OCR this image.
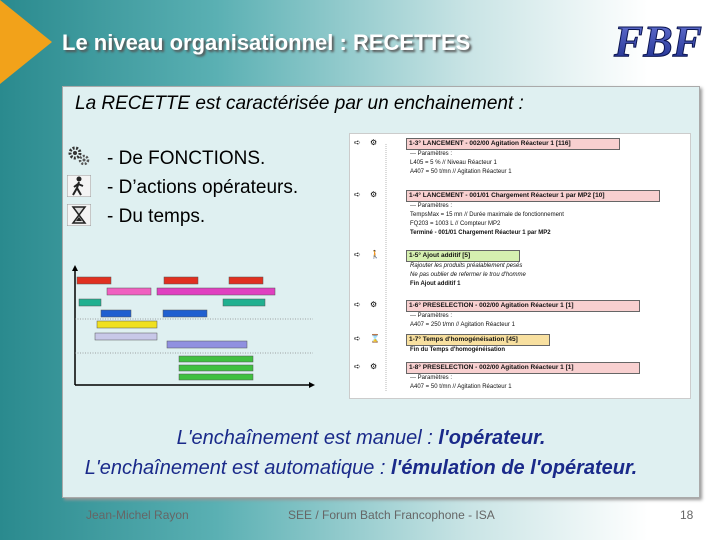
Le niveau organisationnel : RECETTES	FBF
La RECETTE est caractérisée par un enchainement :
- De FONCTIONS.
- D’actions opérateurs.
- Du temps.
➪	⚙	1-3° LANCEMENT - 002/00 Agitation Réacteur 1 [116]
--- Paramètres :
L405 = 5 % // Niveau Réacteur 1
A407 = 50 t/mn // Agitation Réacteur 1
➪	⚙	1-4° LANCEMENT - 001/01 Chargement Réacteur 1 par MP2 [10]
--- Paramètres :
TempsMax = 15 mn // Durée maximale de fonctionnement
FQ203 = 1003 L // Compteur MP2
Terminé - 001/01 Chargement Réacteur 1 par MP2
➪	🚶	1-5° Ajout additif [5]
Rajouter les produits préalablement pesés
Ne pas oublier de refermer le trou d'homme
Fin Ajout additif 1
➪	⚙	1-6° PRESELECTION - 002/00 Agitation Réacteur 1 [1]
--- Paramètres :
A407 = 250 t/mn // Agitation Réacteur 1
➪	⌛	1-7° Temps d'homogénéisation [45]
Fin du Temps d'homogénéisation
➪	⚙	1-8° PRESELECTION - 002/00 Agitation Réacteur 1 [1]
--- Paramètres :
A407 = 50 t/mn // Agitation Réacteur 1
L'enchaînement est manuel : l'opérateur.
L'enchaînement est automatique : l'émulation de l'opérateur.
Jean-Michel Rayon	SEE / Forum Batch Francophone - ISA	18
